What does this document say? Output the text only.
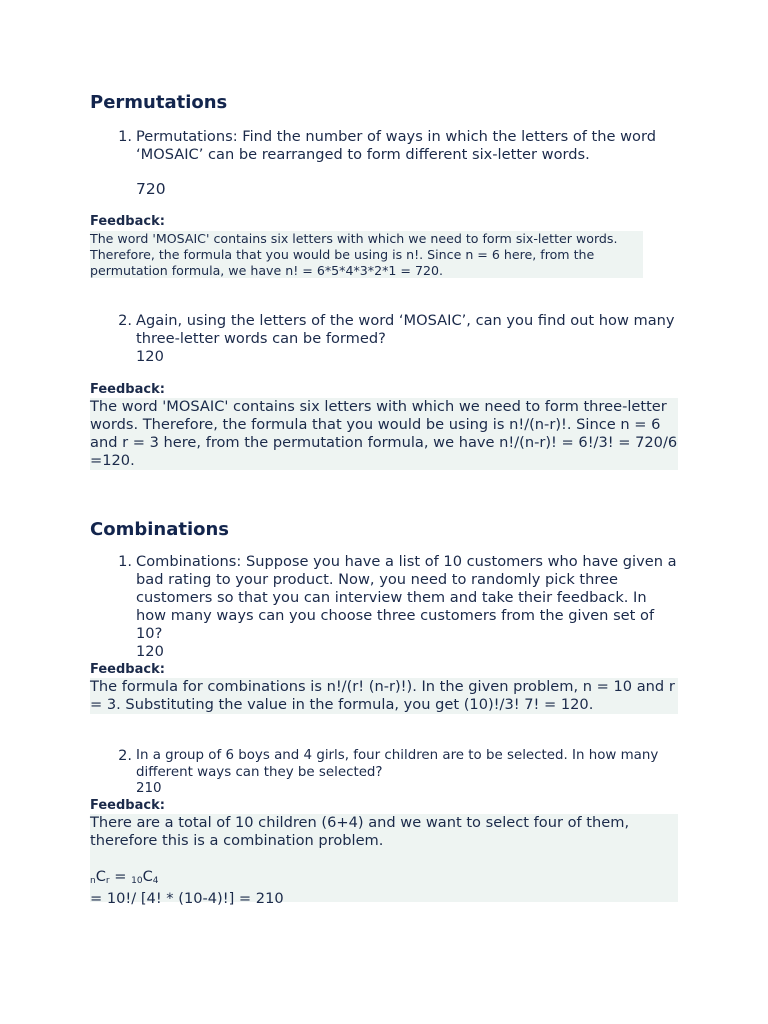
Permutations
1. Permutations: Find the number of ways in which the letters of the word ‘MOSAIC’ can be rearranged to form different six-letter words.
720
Feedback:
The word 'MOSAIC' contains six letters with which we need to form six-letter words.
Therefore, the formula that you would be using is n!. Since n = 6 here, from the
permutation formula, we have n! = 6*5*4*3*2*1 = 720.
2. Again, using the letters of the word ‘MOSAIC’, can you find out how many three-letter words can be formed?
120
Feedback:
The word 'MOSAIC' contains six letters with which we need to form three-letter words. Therefore, the formula that you would be using is n!/(n-r)!. Since n = 6 and r = 3 here, from the permutation formula, we have n!/(n-r)! = 6!/3! = 720/6 =120.
Combinations
1. Combinations: Suppose you have a list of 10 customers who have given a bad rating to your product. Now, you need to randomly pick three customers so that you can interview them and take their feedback. In how many ways can you choose three customers from the given set of 10?
120
Feedback:
The formula for combinations is n!/(r! (n-r)!). In the given problem, n = 10 and r = 3. Substituting the value in the formula, you get (10)!/3! 7! = 120.
2. In a group of 6 boys and 4 girls, four children are to be selected. In how many different ways can they be selected?
210
Feedback:
There are a total of 10 children (6+4) and we want to select four of them, therefore this is a combination problem.
$_nC_r = _{10}C_4$
= 10!/ [4! * (10-4)!] = 210
